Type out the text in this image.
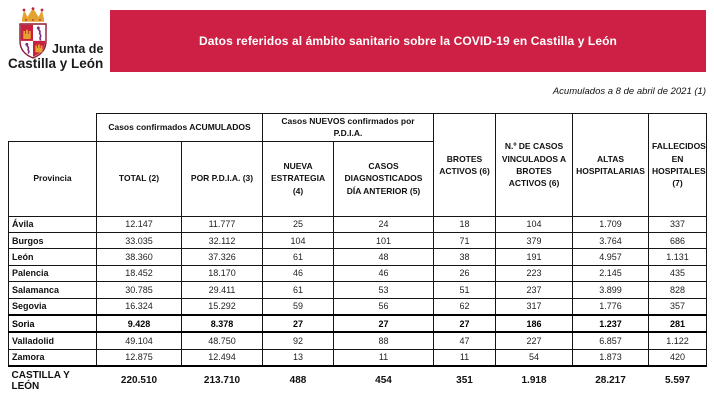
Junta de
Castilla y León
Datos referidos al ámbito sanitario sobre la COVID-19 en Castilla y León
Acumulados a 8 de abril de 2021 (1)
	Casos confirmados ACUMULADOS		Casos NUEVOS confirmados por P.D.I.A.		BROTES ACTIVOS (6)	N.º DE CASOS VINCULADOS A BROTES ACTIVOS (6)	ALTAS HOSPITALARIAS	FALLECIDOS EN HOSPITALES (7)
Provincia	TOTAL (2)	POR P.D.I.A. (3)	NUEVA ESTRATEGIA (4)	CASOS DIAGNOSTICADOS DÍA ANTERIOR (5)				
Ávila	12.147	11.777	25	24	18	104	1.709	337
Burgos	33.035	32.112	104	101	71	379	3.764	686
León	38.360	37.326	61	48	38	191	4.957	1.131
Palencia	18.452	18.170	46	46	26	223	2.145	435
Salamanca	30.785	29.411	61	53	51	237	3.899	828
Segovia	16.324	15.292	59	56	62	317	1.776	357
Soria	9.428	8.378	27	27	27	186	1.237	281
Valladolid	49.104	48.750	92	88	47	227	6.857	1.122
Zamora	12.875	12.494	13	11	11	54	1.873	420
CASTILLA Y LEÓN	220.510	213.710	488	454	351	1.918	28.217	5.597
